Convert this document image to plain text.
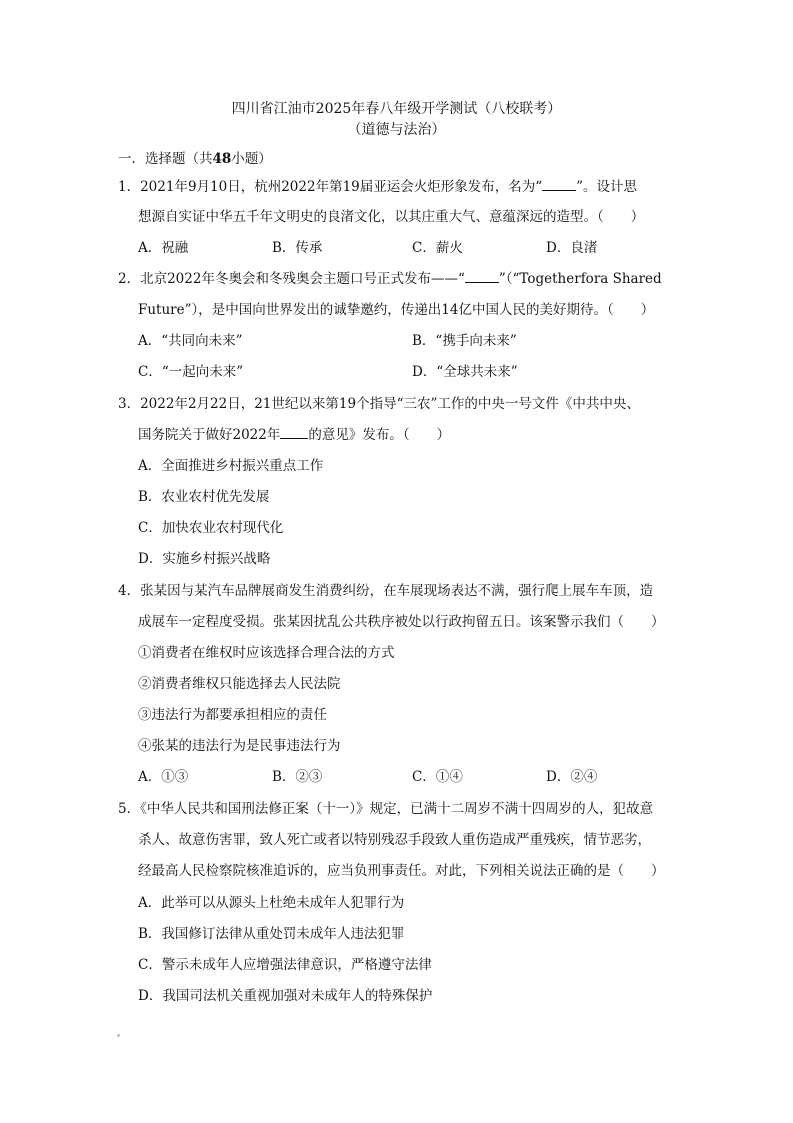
四川省江油市2025年春八年级开学测试（八校联考）
（道德与法治）
一．选择题（共48小题）
1．2021年9月10日，杭州2022年第19届亚运会火炬形象发布，名为“	”。设计思
想源自实证中华五千年文明史的良渚文化，以其庄重大气、意蕴深远的造型。（　　）
A．祝融	B．传承	C．薪火	D．良渚
2．北京2022年冬奥会和冬残奥会主题口号正式发布——“	”（“Togetherfora Shared
Future”），是中国向世界发出的诚挚邀约，传递出14亿中国人民的美好期待。（　　）
A．“共同向未来”	B．“携手向未来”
C．“一起向未来”	D．“全球共未来”
3．2022年2月22日，21世纪以来第19个指导“三农”工作的中央一号文件《中共中央、
国务院关于做好2022年 的意见》发布。（　　）
A．全面推进乡村振兴重点工作
B．农业农村优先发展
C．加快农业农村现代化
D．实施乡村振兴战略
4．张某因与某汽车品牌展商发生消费纠纷，在车展现场表达不满，强行爬上展车车顶，造
成展车一定程度受损。张某因扰乱公共秩序被处以行政拘留五日。该案警示我们（　　）
①消费者在维权时应该选择合理合法的方式
②消费者维权只能选择去人民法院
③违法行为都要承担相应的责任
④张某的违法行为是民事违法行为
A．①③	B．②③	C．①④	D．②④
5．《中华人民共和国刑法修正案（十一）》规定，已满十二周岁不满十四周岁的人，犯故意
杀人、故意伤害罪，致人死亡或者以特别残忍手段致人重伤造成严重残疾，情节恶劣，
经最高人民检察院核准追诉的，应当负刑事责任。对此，下列相关说法正确的是（　　）
A．此举可以从源头上杜绝未成年人犯罪行为
B．我国修订法律从重处罚未成年人违法犯罪
C．警示未成年人应增强法律意识，严格遵守法律
D．我国司法机关重视加强对未成年人的特殊保护
